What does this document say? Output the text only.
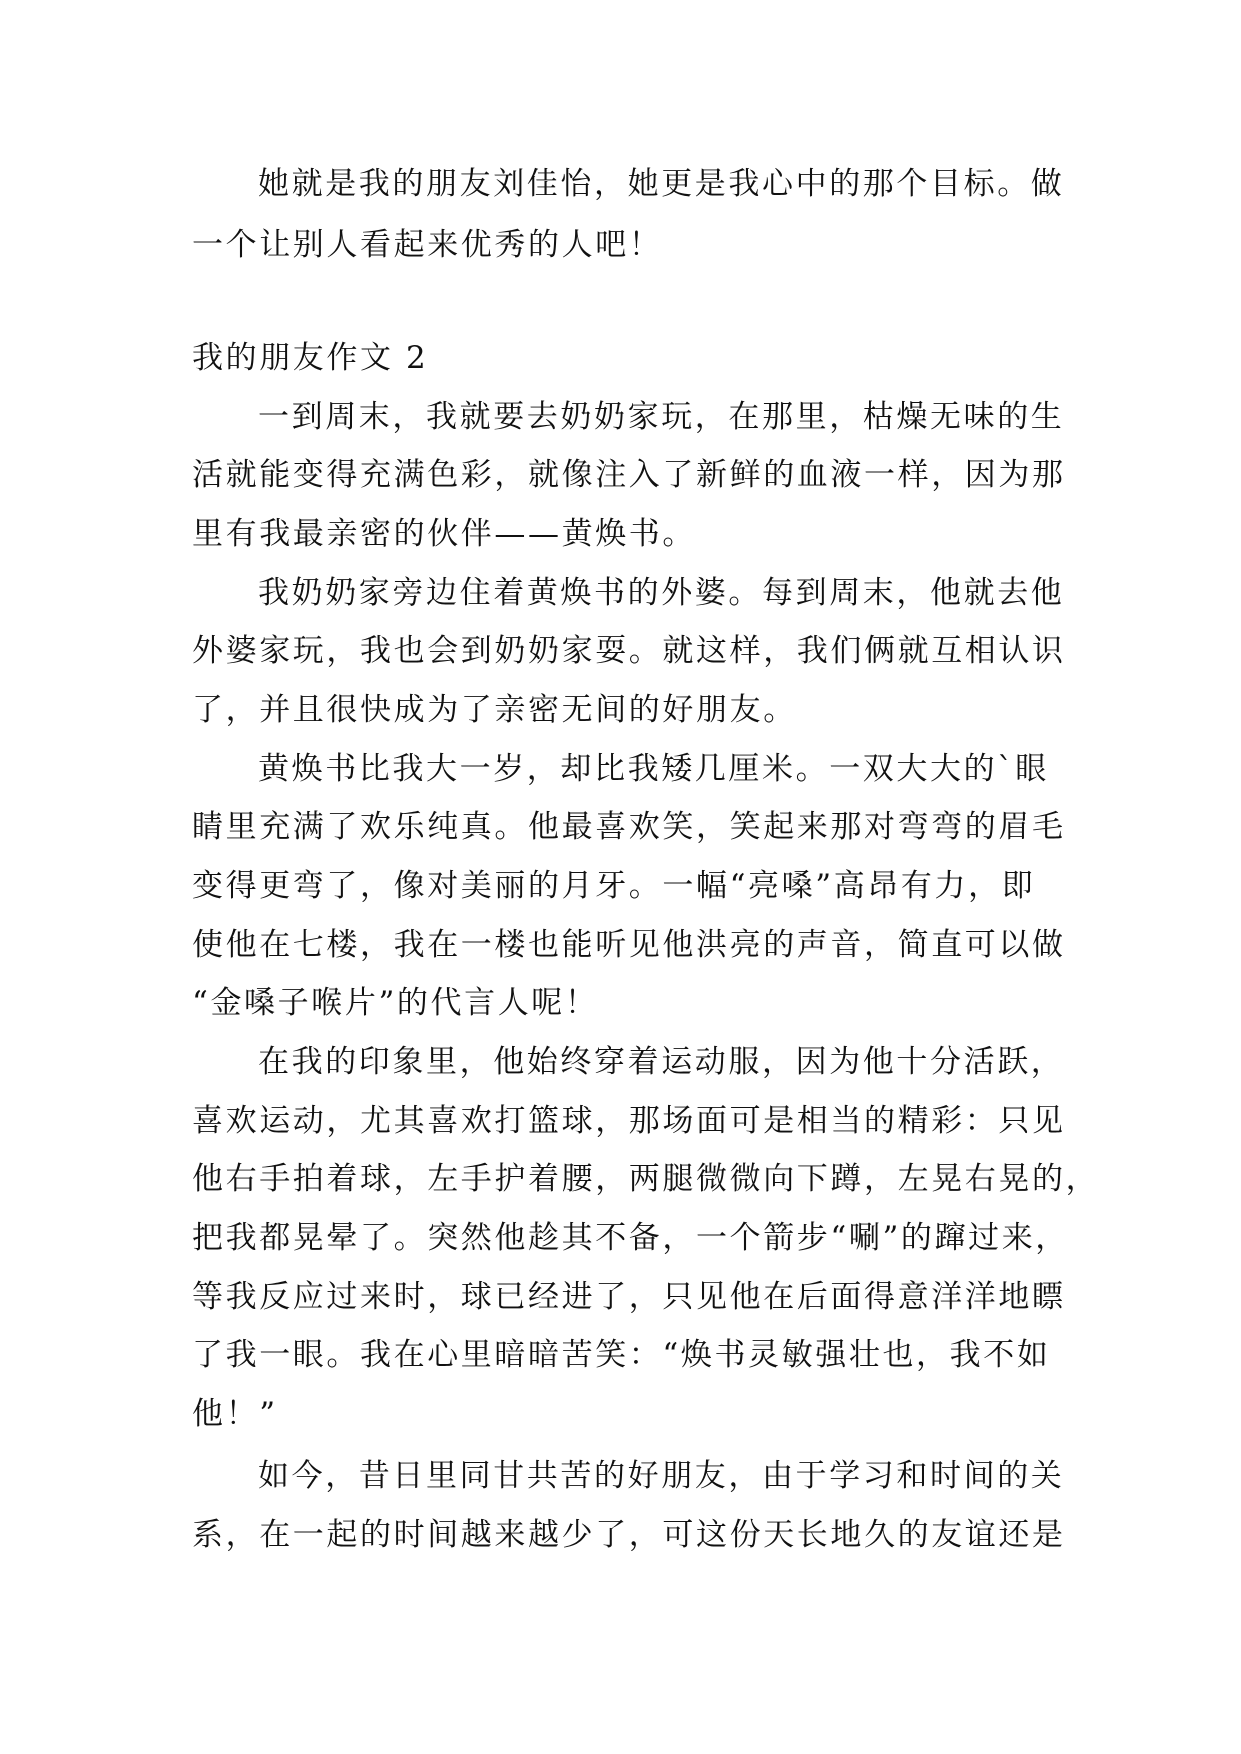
她就是我的朋友刘佳怡，她更是我心中的那个目标。做
一个让别人看起来优秀的人吧！
我的朋友作文 2
一到周末，我就要去奶奶家玩，在那里，枯燥无味的生
活就能变得充满色彩，就像注入了新鲜的血液一样，因为那
里有我最亲密的伙伴——黄焕书。
我奶奶家旁边住着黄焕书的外婆。每到周末，他就去他
外婆家玩，我也会到奶奶家耍。就这样，我们俩就互相认识
了，并且很快成为了亲密无间的好朋友。
黄焕书比我大一岁，却比我矮几厘米。一双大大的`眼
睛里充满了欢乐纯真。他最喜欢笑，笑起来那对弯弯的眉毛
变得更弯了，像对美丽的月牙。一幅“亮嗓”高昂有力，即
使他在七楼，我在一楼也能听见他洪亮的声音，简直可以做
“金嗓子喉片”的代言人呢！
在我的印象里，他始终穿着运动服，因为他十分活跃，
喜欢运动，尤其喜欢打篮球，那场面可是相当的精彩：只见
他右手拍着球，左手护着腰，两腿微微向下蹲，左晃右晃的，
把我都晃晕了。突然他趁其不备，一个箭步“唰”的蹿过来，
等我反应过来时，球已经进了，只见他在后面得意洋洋地瞟
了我一眼。我在心里暗暗苦笑：“焕书灵敏强壮也，我不如
他！”
如今，昔日里同甘共苦的好朋友，由于学习和时间的关
系，在一起的时间越来越少了，可这份天长地久的友谊还是
